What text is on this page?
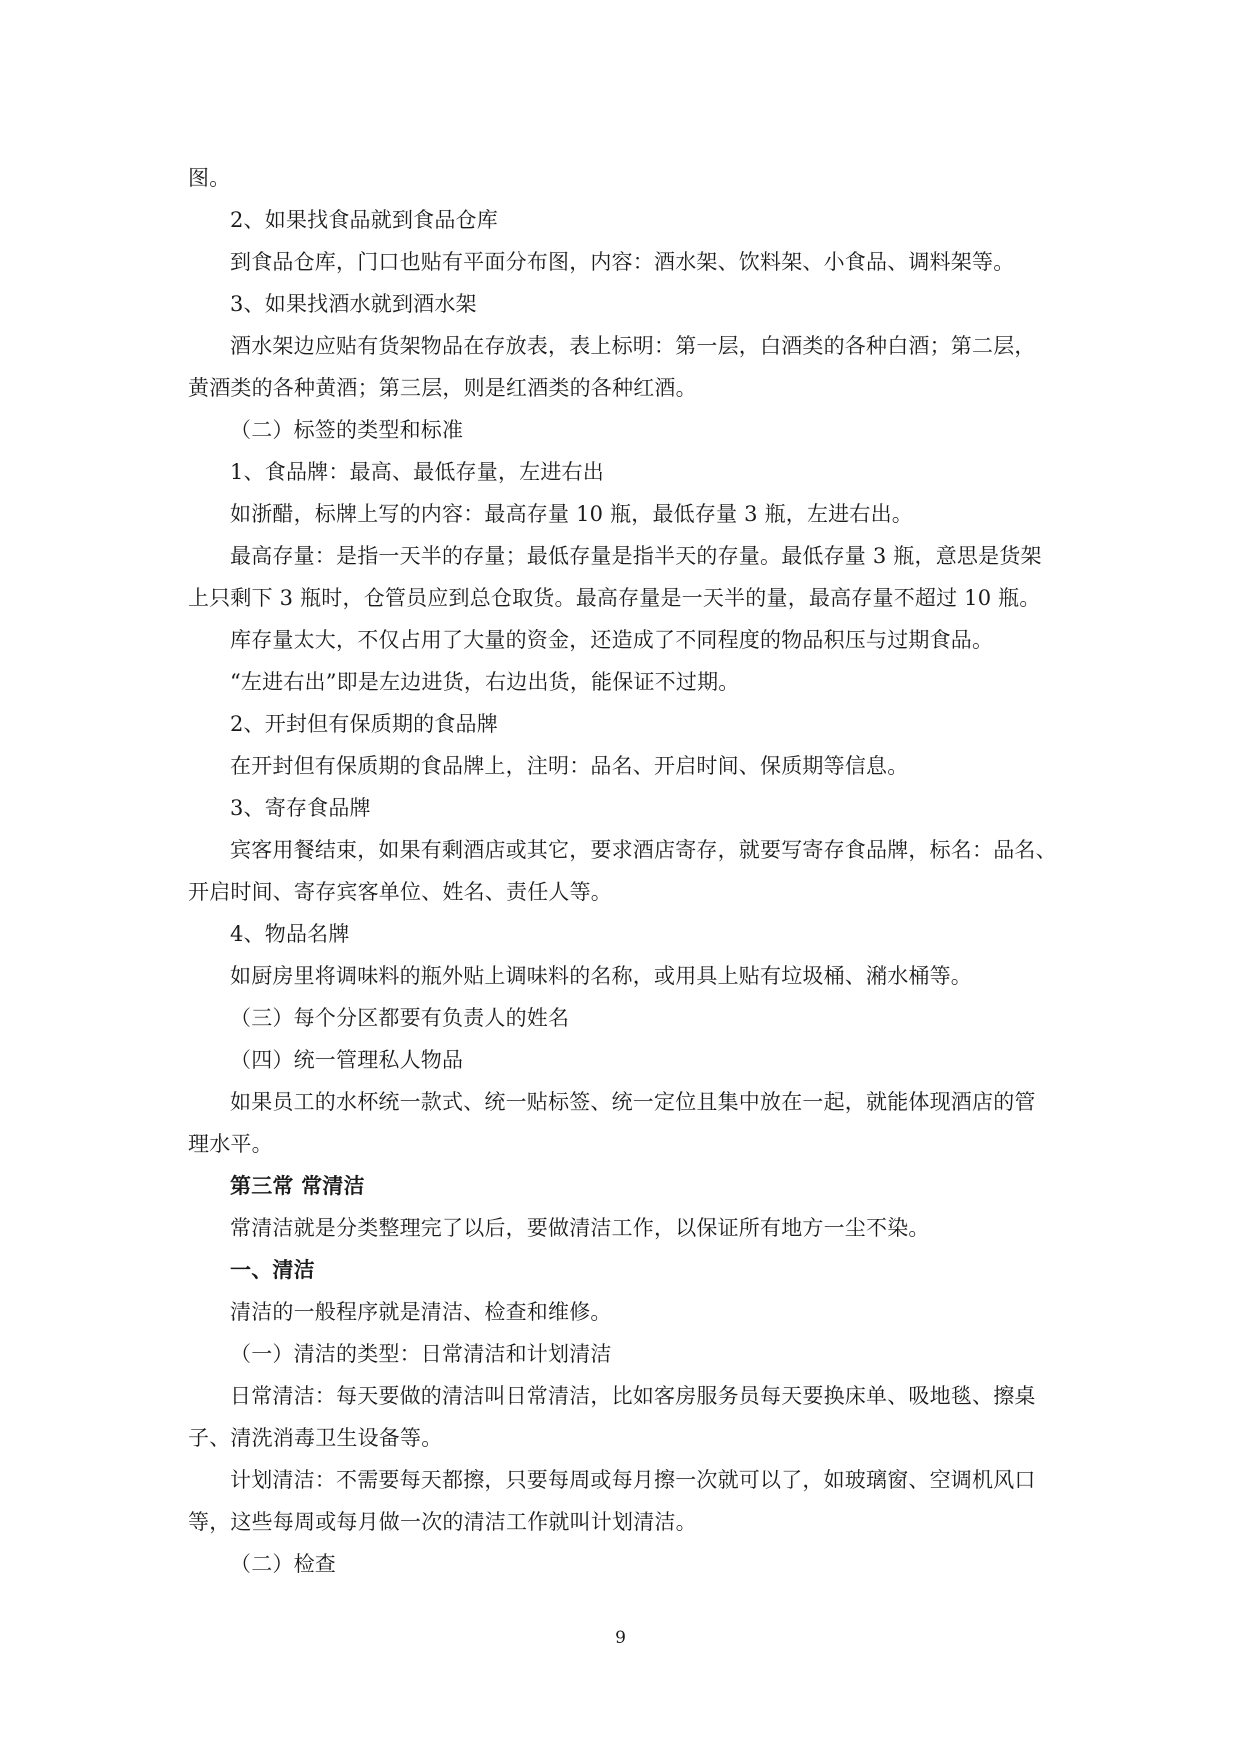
图。
2、如果找食品就到食品仓库
到食品仓库，门口也贴有平面分布图，内容：酒水架、饮料架、小食品、调料架等。
3、如果找酒水就到酒水架
酒水架边应贴有货架物品在存放表，表上标明：第一层，白酒类的各种白酒；第二层，
黄酒类的各种黄酒；第三层，则是红酒类的各种红酒。
（二）标签的类型和标准
1、食品牌：最高、最低存量，左进右出
如浙醋，标牌上写的内容：最高存量 10 瓶，最低存量 3 瓶，左进右出。
最高存量：是指一天半的存量；最低存量是指半天的存量。最低存量 3 瓶，意思是货架
上只剩下 3 瓶时，仓管员应到总仓取货。最高存量是一天半的量，最高存量不超过 10 瓶。
库存量太大，不仅占用了大量的资金，还造成了不同程度的物品积压与过期食品。
“左进右出”即是左边进货，右边出货，能保证不过期。
2、开封但有保质期的食品牌
在开封但有保质期的食品牌上，注明：品名、开启时间、保质期等信息。
3、寄存食品牌
宾客用餐结束，如果有剩酒店或其它，要求酒店寄存，就要写寄存食品牌，标名：品名、
开启时间、寄存宾客单位、姓名、责任人等。
4、物品名牌
如厨房里将调味料的瓶外贴上调味料的名称，或用具上贴有垃圾桶、潲水桶等。
（三）每个分区都要有负责人的姓名
（四）统一管理私人物品
如果员工的水杯统一款式、统一贴标签、统一定位且集中放在一起，就能体现酒店的管
理水平。
第三常 常清洁
常清洁就是分类整理完了以后，要做清洁工作，以保证所有地方一尘不染。
一、清洁
清洁的一般程序就是清洁、检查和维修。
（一）清洁的类型：日常清洁和计划清洁
日常清洁：每天要做的清洁叫日常清洁，比如客房服务员每天要换床单、吸地毯、擦桌
子、清洗消毒卫生设备等。
计划清洁：不需要每天都擦，只要每周或每月擦一次就可以了，如玻璃窗、空调机风口
等，这些每周或每月做一次的清洁工作就叫计划清洁。
（二）检查
9
